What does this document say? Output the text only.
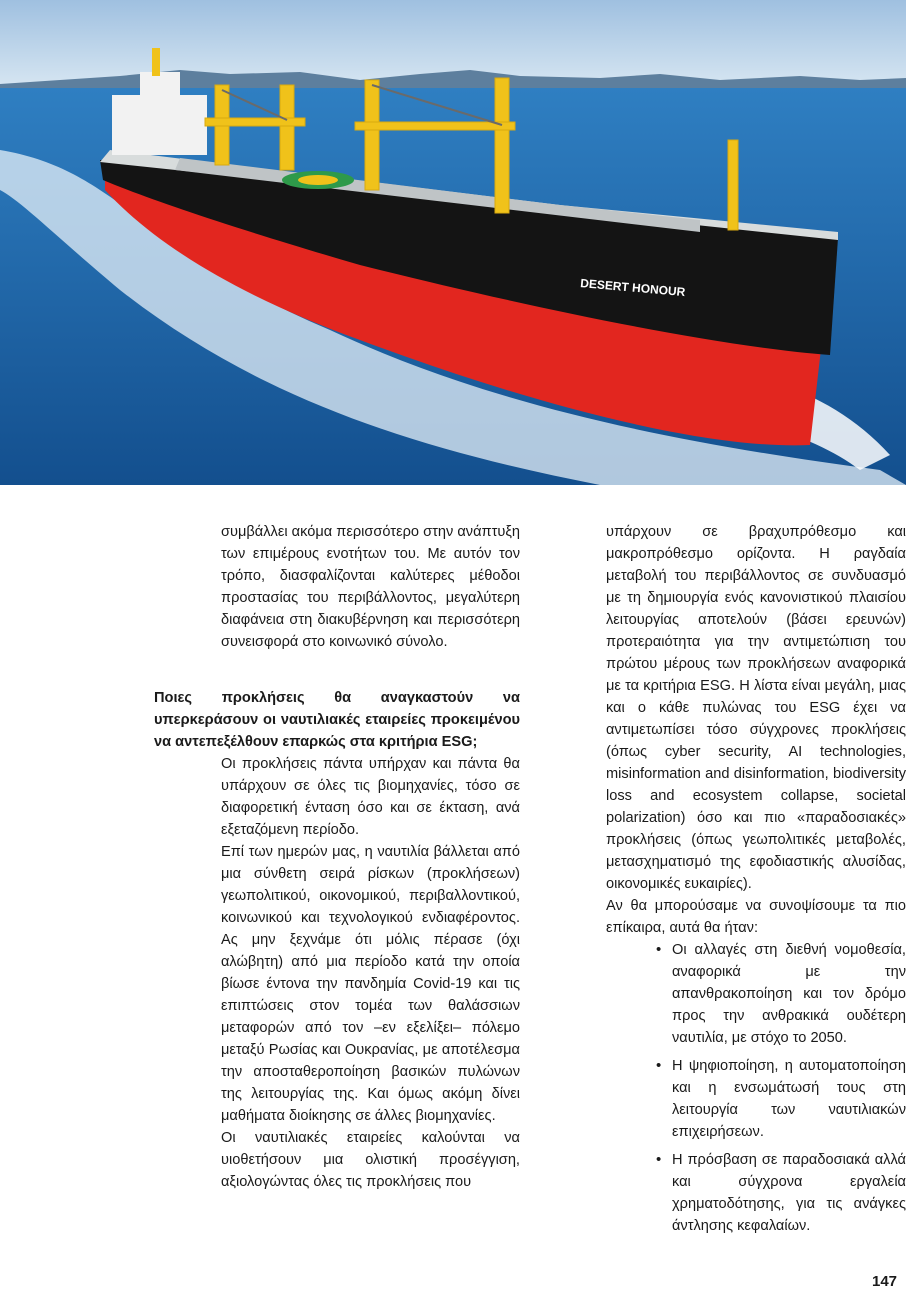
DESERT HONOUR

συμβάλλει ακόμα περισσότερο στην ανάπτυξη των επιμέρους ενοτήτων του. Με αυτόν τον τρόπο, διασφαλίζονται καλύτερες μέθοδοι προστασίας του περιβάλλοντος, μεγαλύτερη διαφάνεια στη διακυβέρνηση και περισσότερη συνεισφορά στο κοινωνικό σύνολο.

Ποιες προκλήσεις θα αναγκαστούν να υπερκεράσουν οι ναυτιλιακές εταιρείες προκειμένου να αντεπεξέλθουν επαρκώς στα κριτήρια ESG;

Οι προκλήσεις πάντα υπήρχαν και πάντα θα υπάρχουν σε όλες τις βιομηχανίες, τόσο σε διαφορετική ένταση όσο και σε έκταση, ανά εξεταζόμενη περίοδο.

Επί των ημερών μας, η ναυτιλία βάλλεται από μια σύνθετη σειρά ρίσκων (προκλήσεων) γεωπολιτικού, οικονομικού, περιβαλλοντικού, κοινωνικού και τεχνολογικού ενδιαφέροντος. Ας μην ξεχνάμε ότι μόλις πέρασε (όχι αλώβητη) από μια περίοδο κατά την οποία βίωσε έντονα την πανδημία Covid-19 και τις επιπτώσεις στον τομέα των θαλάσσιων μεταφορών από τον –εν εξελίξει– πόλεμο μεταξύ Ρωσίας και Ουκρανίας, με αποτέλεσμα την αποσταθεροποίηση βασικών πυλώνων της λειτουργίας της. Και όμως ακόμη δίνει μαθήματα διοίκησης σε άλλες βιομηχανίες.

Οι ναυτιλιακές εταιρείες καλούνται να υιοθετήσουν μια ολιστική προσέγγιση, αξιολογώντας όλες τις προκλήσεις που

υπάρχουν σε βραχυπρόθεσμο και μακροπρόθεσμο ορίζοντα. Η ραγδαία μεταβολή του περιβάλλοντος σε συνδυασμό με τη δημιουργία ενός κανονιστικού πλαισίου λειτουργίας αποτελούν (βάσει ερευνών) προτεραιότητα για την αντιμετώπιση του πρώτου μέρους των προκλήσεων αναφορικά με τα κριτήρια ESG. Η λίστα είναι μεγάλη, μιας και ο κάθε πυλώνας του ESG έχει να αντιμετωπίσει τόσο σύγχρονες προκλήσεις (όπως cyber security, AI technologies, misinformation and disinformation, biodiversity loss and ecosystem collapse, societal polarization) όσο και πιο «παραδοσιακές» προκλήσεις (όπως γεωπολιτικές μεταβολές, μετασχηματισμό της εφοδιαστικής αλυσίδας, οικονομικές ευκαιρίες).

Αν θα μπορούσαμε να συνοψίσουμε τα πιο επίκαιρα, αυτά θα ήταν:

• Οι αλλαγές στη διεθνή νομοθεσία, αναφορικά με την απανθρακοποίηση και τον δρόμο προς την ανθρακικά ουδέτερη ναυτιλία, με στόχο το 2050.
• Η ψηφιοποίηση, η αυτοματοποίηση και η ενσωμάτωσή τους στη λειτουργία των ναυτιλιακών επιχειρήσεων.
• Η πρόσβαση σε παραδοσιακά αλλά και σύγχρονα εργαλεία χρηματοδότησης, για τις ανάγκες άντλησης κεφαλαίων.
147
